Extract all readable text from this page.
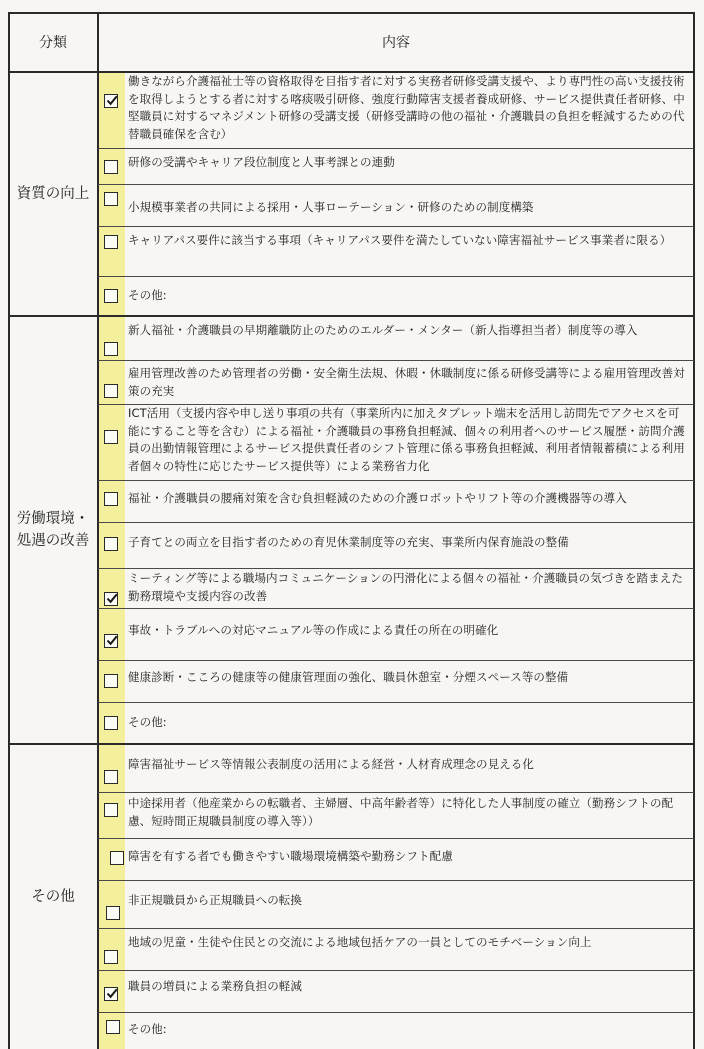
分類	内容
資質の向上
労働環境・
処遇の改善
その他
働きながら介護福祉士等の資格取得を目指す者に対する実務者研修受講支援や、より専門性の高い支援技術を取得しようとする者に対する喀痰吸引研修、強度行動障害支援者養成研修、サービス提供責任者研修、中堅職員に対するマネジメント研修の受講支援（研修受講時の他の福祉・介護職員の負担を軽減するための代替職員確保を含む）
研修の受講やキャリア段位制度と人事考課との連動
小規模事業者の共同による採用・人事ローテーション・研修のための制度構築
キャリアパス要件に該当する事項（キャリアパス要件を満たしていない障害福祉サービス事業者に限る）
その他:
新人福祉・介護職員の早期離職防止のためのエルダー・メンター（新人指導担当者）制度等の導入
雇用管理改善のため管理者の労働・安全衛生法規、休暇・休職制度に係る研修受講等による雇用管理改善対策の充実
ICT活用（支援内容や申し送り事項の共有（事業所内に加えタブレット端末を活用し訪問先でアクセスを可能にすること等を含む）による福祉・介護職員の事務負担軽減、個々の利用者へのサービス履歴・訪問介護員の出勤情報管理によるサービス提供責任者のシフト管理に係る事務負担軽減、利用者情報蓄積による利用者個々の特性に応じたサービス提供等）による業務省力化
福祉・介護職員の腰痛対策を含む負担軽減のための介護ロボットやリフト等の介護機器等の導入
子育てとの両立を目指す者のための育児休業制度等の充実、事業所内保育施設の整備
ミーティング等による職場内コミュニケーションの円滑化による個々の福祉・介護職員の気づきを踏まえた勤務環境や支援内容の改善
事故・トラブルへの対応マニュアル等の作成による責任の所在の明確化
健康診断・こころの健康等の健康管理面の強化、職員休憩室・分煙スペース等の整備
その他:
障害福祉サービス等情報公表制度の活用による経営・人材育成理念の見える化
中途採用者（他産業からの転職者、主婦層、中高年齢者等）に特化した人事制度の確立（勤務シフトの配慮、短時間正規職員制度の導入等））
障害を有する者でも働きやすい職場環境構築や勤務シフト配慮
非正規職員から正規職員への転換
地域の児童・生徒や住民との交流による地域包括ケアの一員としてのモチベーション向上
職員の増員による業務負担の軽減
その他:
